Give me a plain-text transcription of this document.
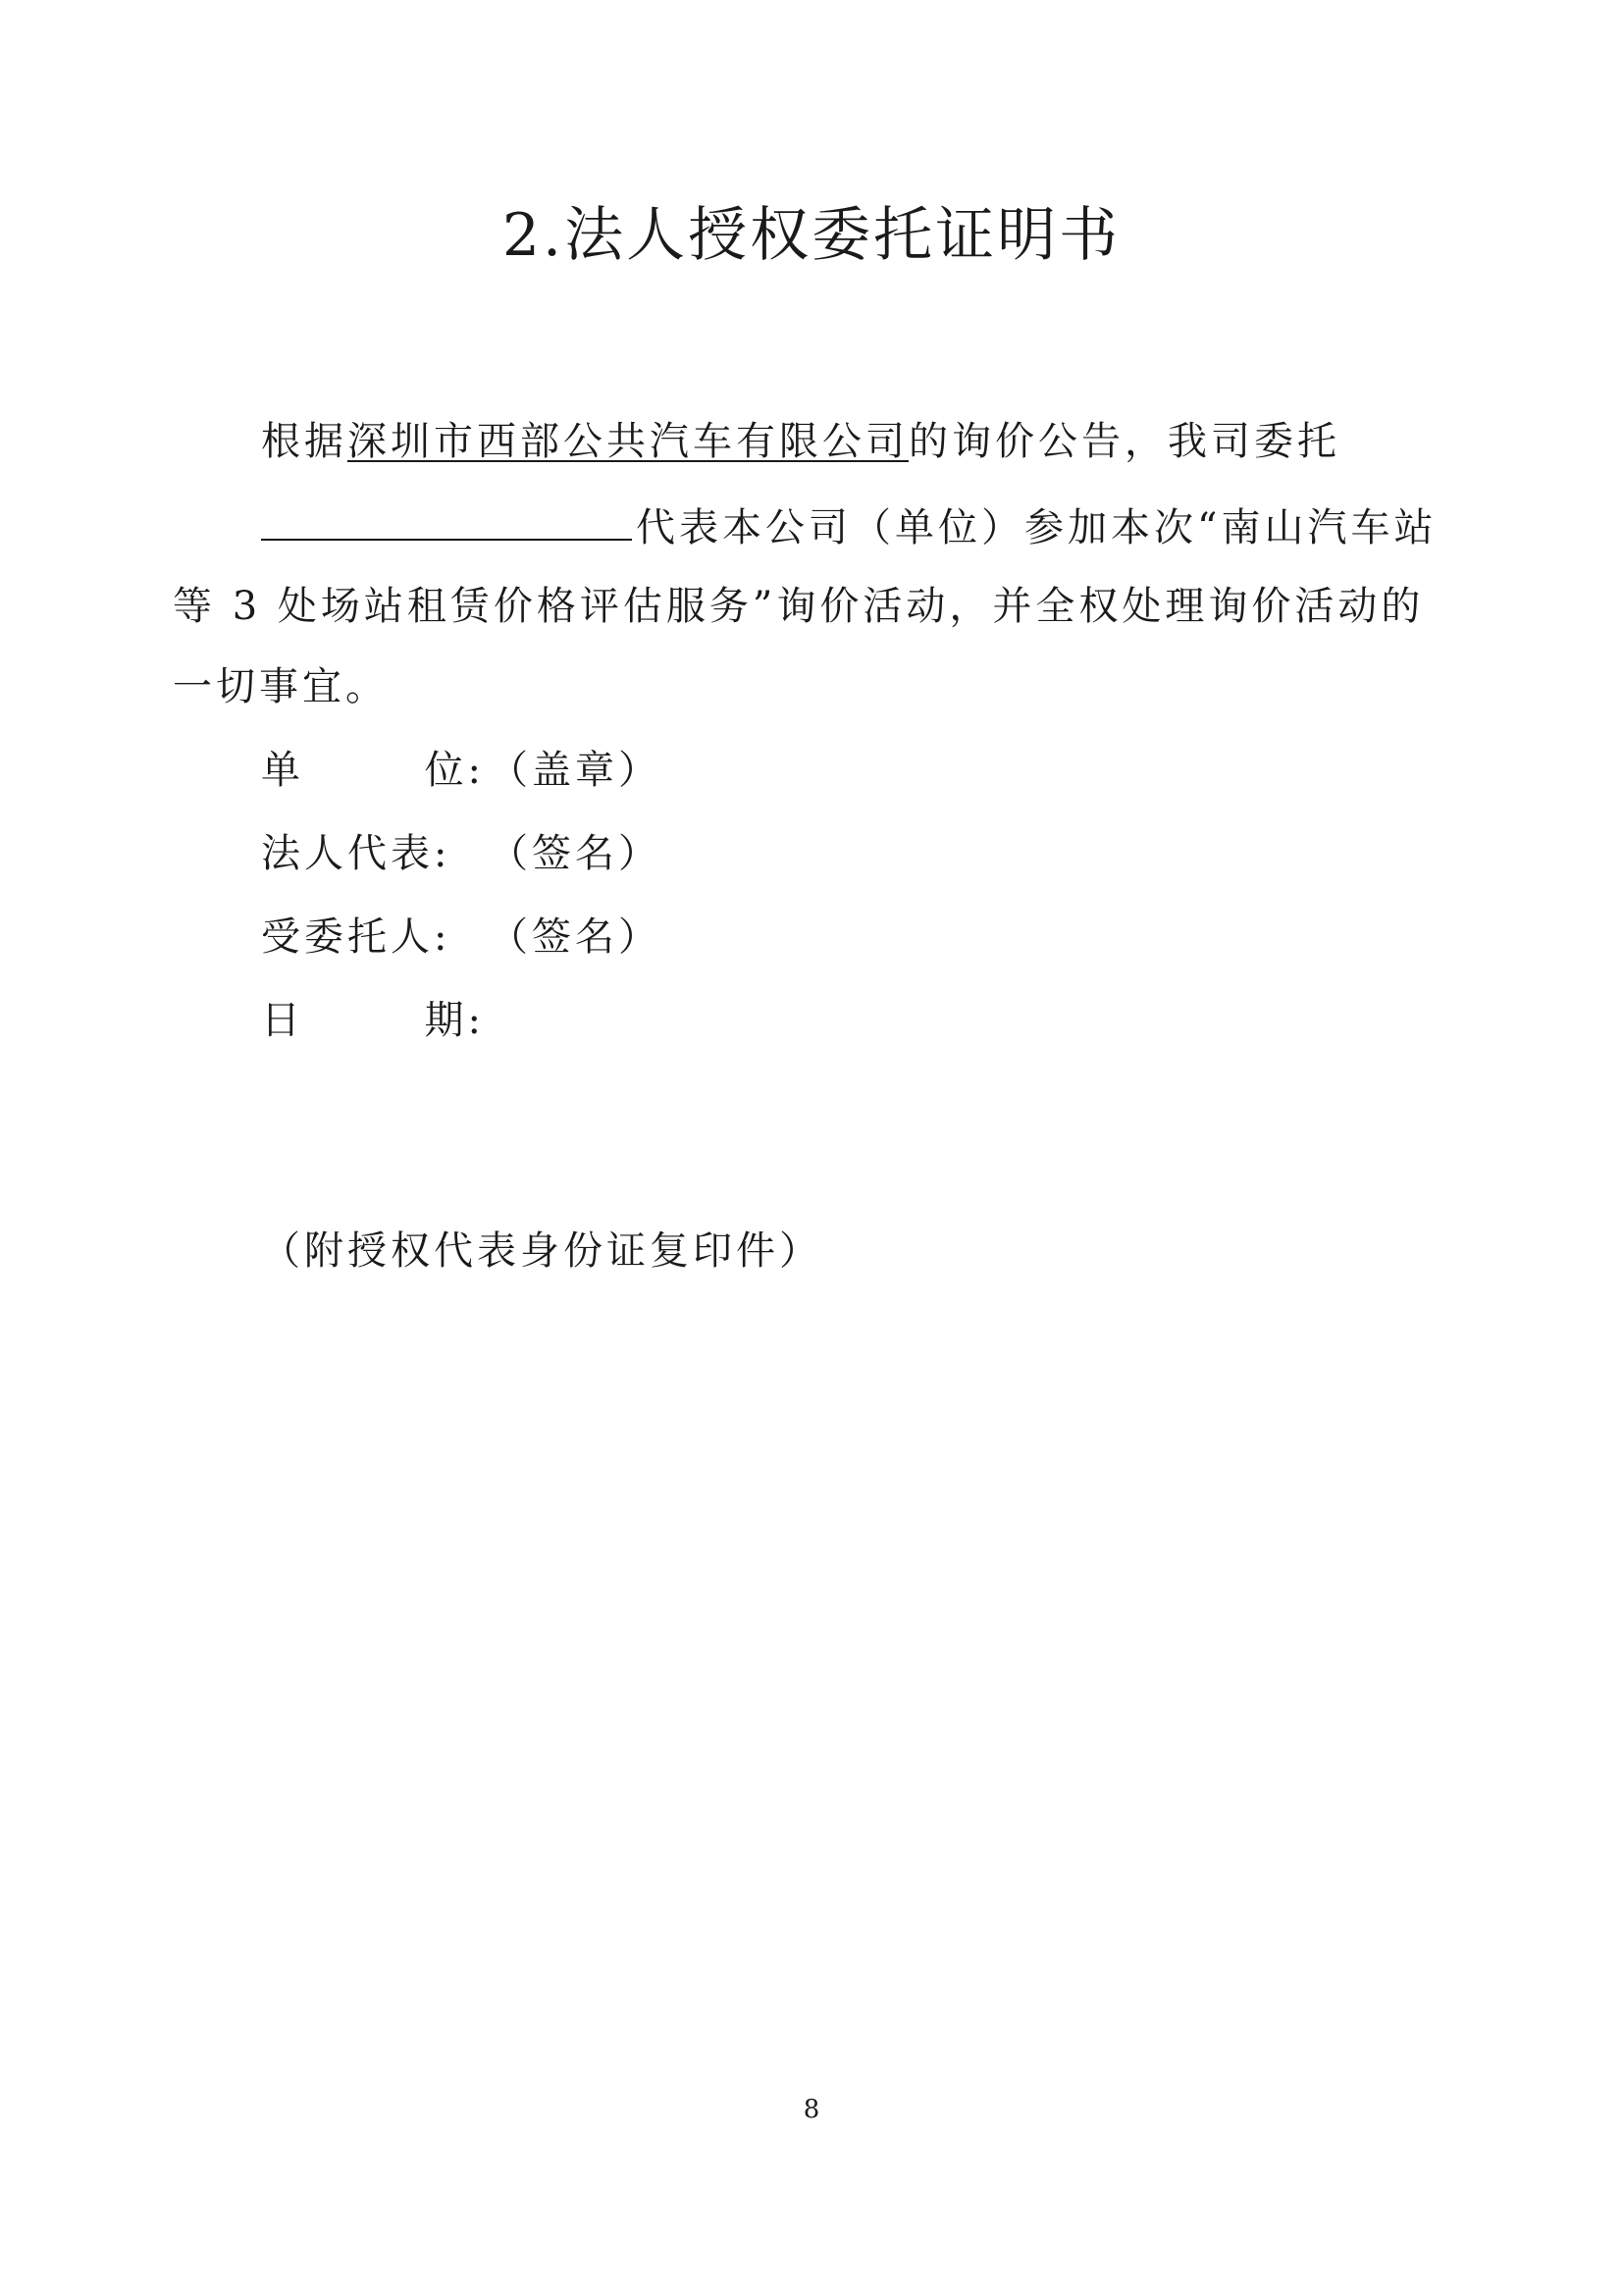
2.法人授权委托证明书
根据深圳市西部公共汽车有限公司的询价公告，我司委托
代表本公司（单位）参加本次“南山汽车站
等 3 处场站租赁价格评估服务”询价活动，并全权处理询价活动的
一切事宜。
单	位: （盖章）
法人代表: （签名）
受委托人: （签名）
日	期:
（附授权代表身份证复印件）
8
